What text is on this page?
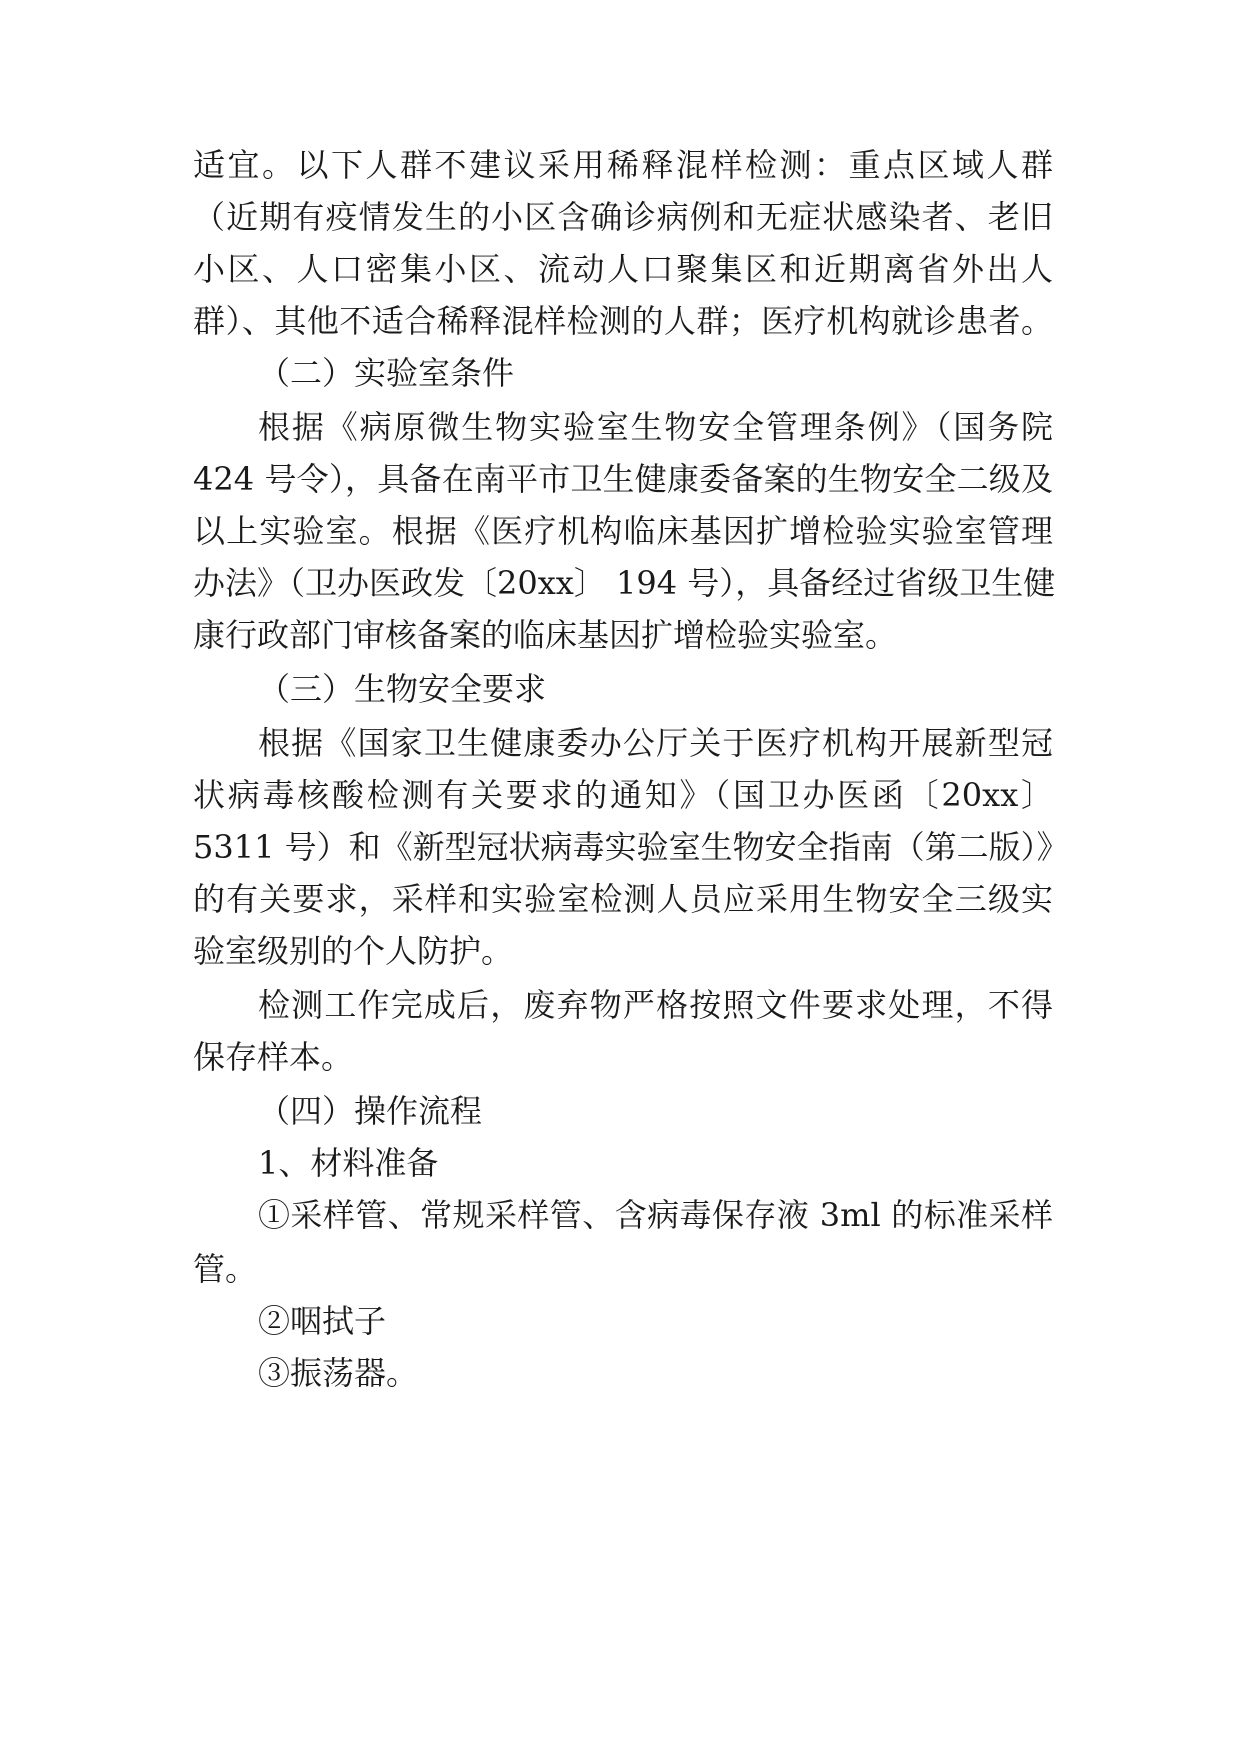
适宜。以下人群不建议采用稀释混样检测：重点区域人群
（近期有疫情发生的小区含确诊病例和无症状感染者、老旧
小区、人口密集小区、流动人口聚集区和近期离省外出人
群）、其他不适合稀释混样检测的人群；医疗机构就诊患者。
（二）实验室条件
根据《病原微生物实验室生物安全管理条例》（国务院
424 号令），具备在南平市卫生健康委备案的生物安全二级及
以上实验室。根据《医疗机构临床基因扩增检验实验室管理
办法》（卫办医政发〔20xx〕 194 号），具备经过省级卫生健
康行政部门审核备案的临床基因扩增检验实验室。
（三）生物安全要求
根据《国家卫生健康委办公厅关于医疗机构开展新型冠
状病毒核酸检测有关要求的通知》（国卫办医函〔20xx〕
5311 号）和《新型冠状病毒实验室生物安全指南（第二版）》
的有关要求，采样和实验室检测人员应采用生物安全三级实
验室级别的个人防护。
检测工作完成后，废弃物严格按照文件要求处理，不得
保存样本。
（四）操作流程
1、材料准备
①采样管、常规采样管、含病毒保存液 3ml 的标准采样
管。
②咽拭子
③振荡器。
